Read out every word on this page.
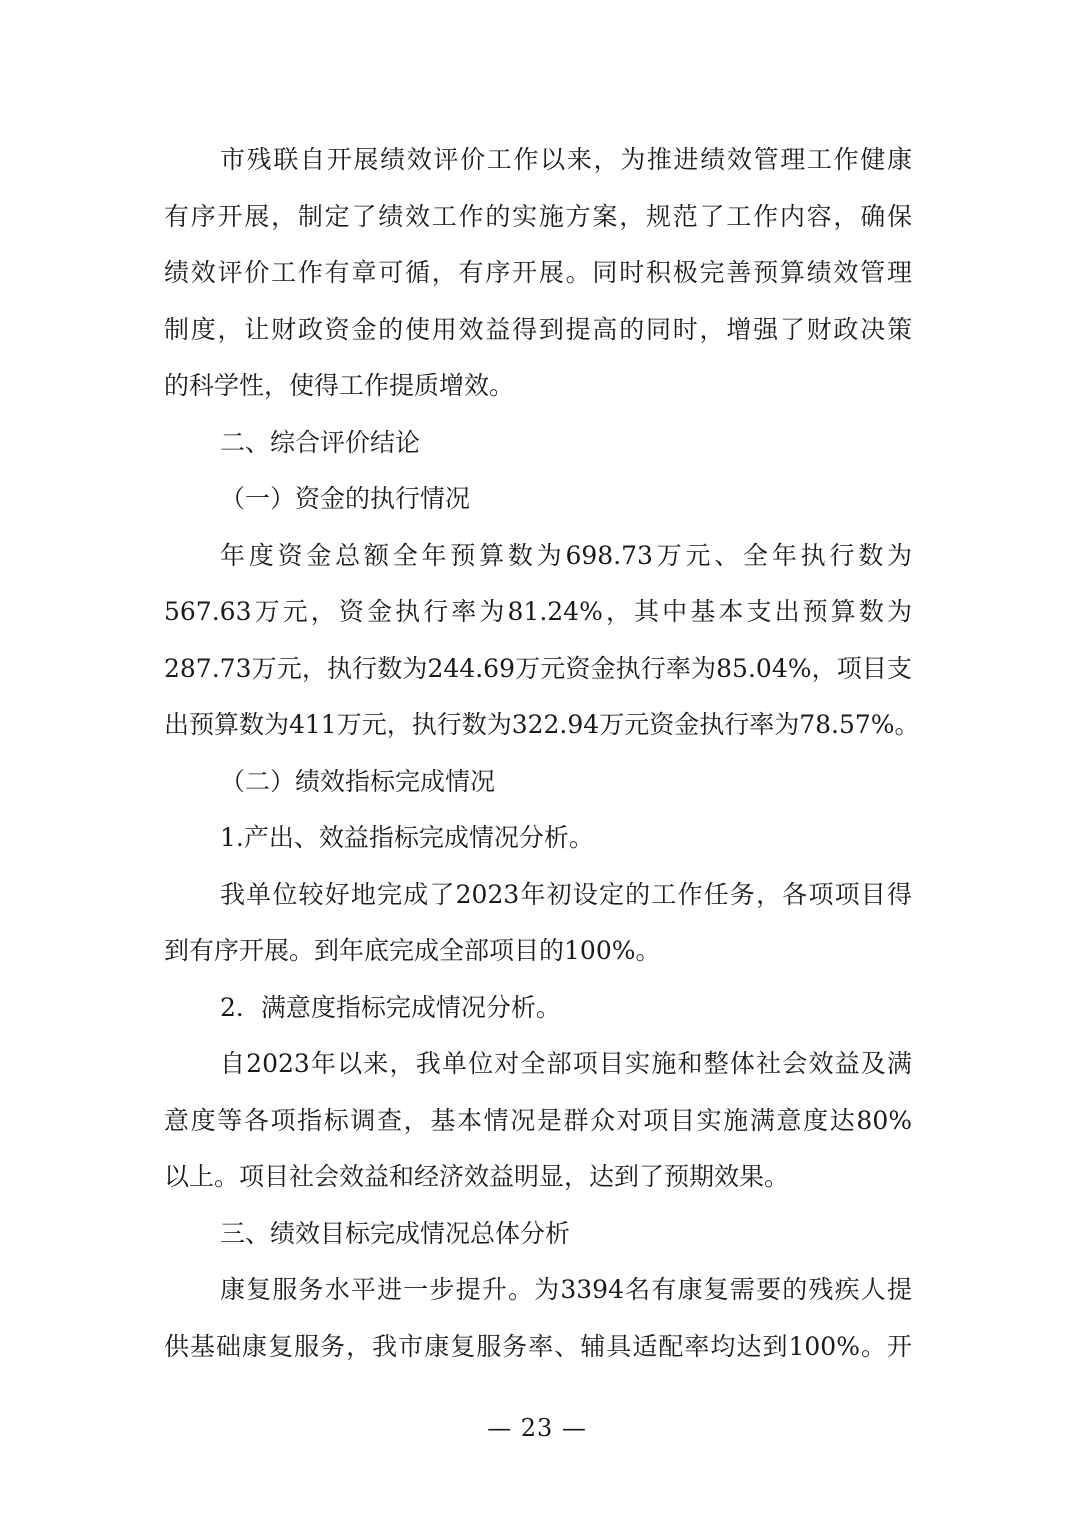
市残联自开展绩效评价工作以来，为推进绩效管理工作健康
有序开展，制定了绩效工作的实施方案，规范了工作内容，确保
绩效评价工作有章可循，有序开展。同时积极完善预算绩效管理
制度，让财政资金的使用效益得到提高的同时，增强了财政决策
的科学性，使得工作提质增效。
二、综合评价结论
（一）资金的执行情况
年度资金总额全年预算数为698.73万元、全年执行数为
567.63万元，资金执行率为81.24%，其中基本支出预算数为
287.73万元，执行数为244.69万元资金执行率为85.04%，项目支
出预算数为411万元，执行数为322.94万元资金执行率为78.57%。
（二）绩效指标完成情况
1.产出、效益指标完成情况分析。
我单位较好地完成了2023年初设定的工作任务，各项项目得
到有序开展。到年底完成全部项目的100%。
2．满意度指标完成情况分析。
自2023年以来，我单位对全部项目实施和整体社会效益及满
意度等各项指标调查，基本情况是群众对项目实施满意度达80%
以上。项目社会效益和经济效益明显，达到了预期效果。
三、绩效目标完成情况总体分析
康复服务水平进一步提升。为3394名有康复需要的残疾人提
供基础康复服务，我市康复服务率、辅具适配率均达到100%。开
— 23 —
